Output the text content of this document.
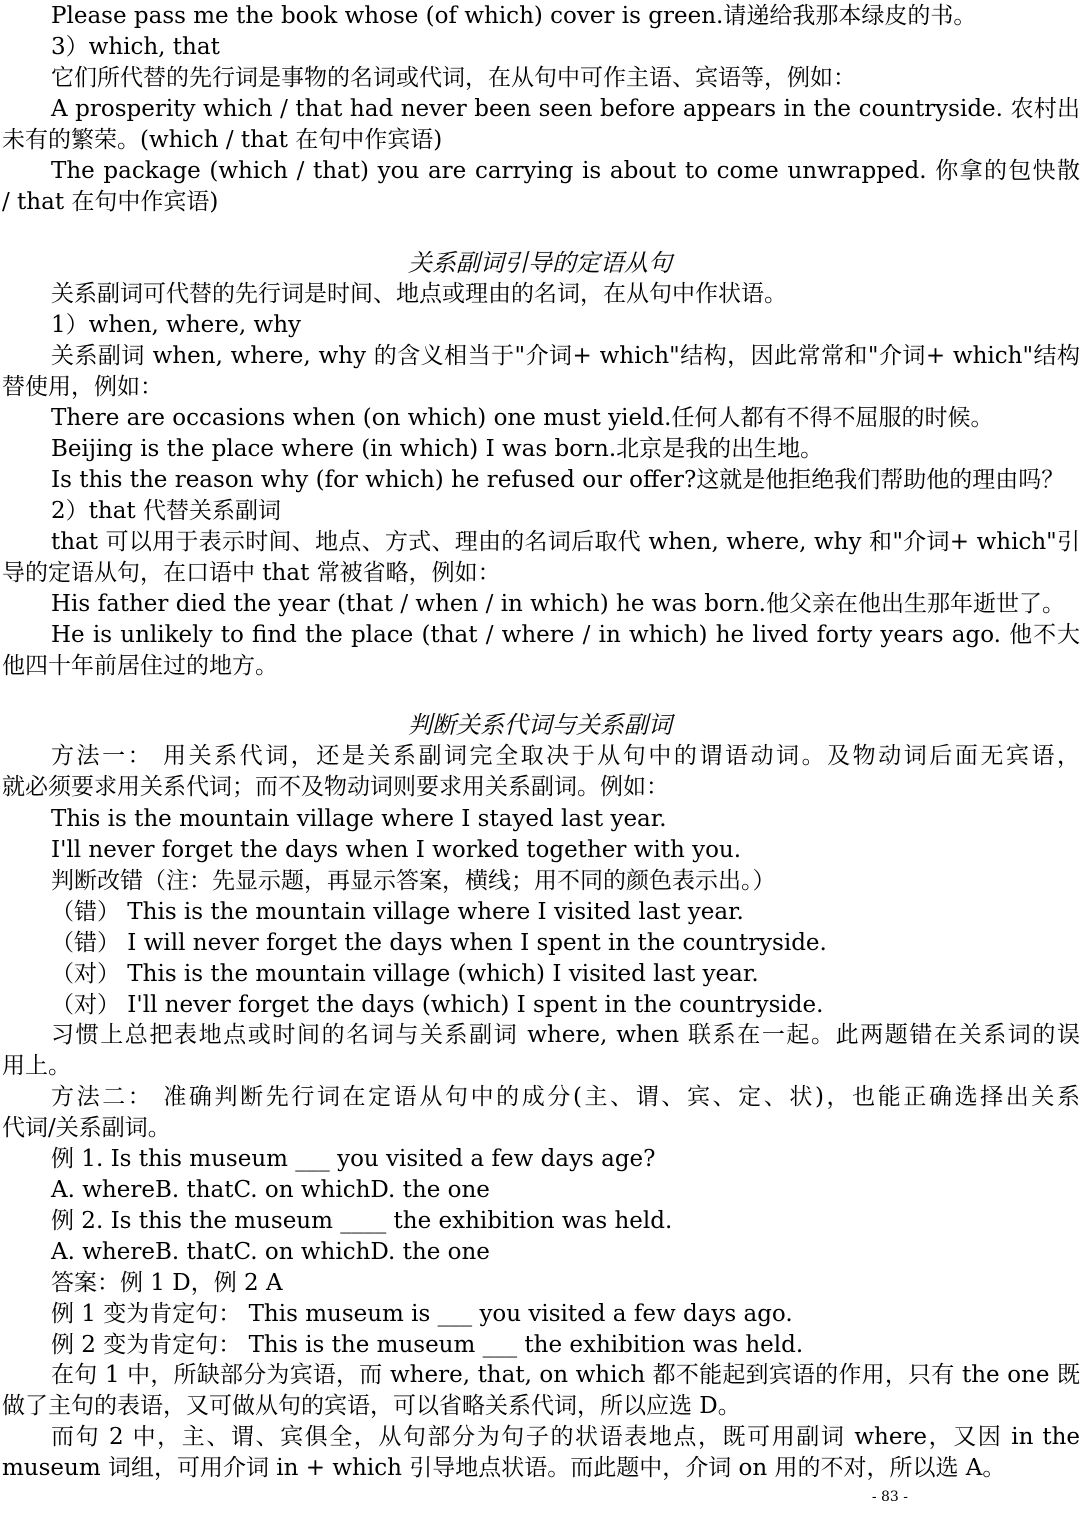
Please pass me the book whose (of which) cover is green.请递给我那本绿皮的书。
3）which, that
它们所代替的先行词是事物的名词或代词，在从句中可作主语、宾语等，例如：
A prosperity which / that had never been seen before appears in the countryside. 农村出
未有的繁荣。(which / that 在句中作宾语)
The package (which / that) you are carrying is about to come unwrapped. 你拿的包快散
/ that 在句中作宾语)
关系副词引导的定语从句
关系副词可代替的先行词是时间、地点或理由的名词，在从句中作状语。
1）when, where, why
关系副词 when, where, why 的含义相当于"介词+ which"结构，因此常常和"介词+ which"结构
替使用，例如：
There are occasions when (on which) one must yield.任何人都有不得不屈服的时候。
Beijing is the place where (in which) I was born.北京是我的出生地。
Is this the reason why (for which) he refused our offer?这就是他拒绝我们帮助他的理由吗？
2）that 代替关系副词
that 可以用于表示时间、地点、方式、理由的名词后取代 when, where, why 和"介词+ which"引
导的定语从句，在口语中 that 常被省略，例如：
His father died the year (that / when / in which) he was born.他父亲在他出生那年逝世了。
He is unlikely to find the place (that / where / in which) he lived forty years ago. 他不大
他四十年前居住过的地方。
判断关系代词与关系副词
方法一： 用关系代词，还是关系副词完全取决于从句中的谓语动词。及物动词后面无宾语，
就必须要求用关系代词；而不及物动词则要求用关系副词。例如：
This is the mountain village where I stayed last year.
I'll never forget the days when I worked together with you.
判断改错（注：先显示题，再显示答案，横线；用不同的颜色表示出。）
（错） This is the mountain village where I visited last year.
（错） I will never forget the days when I spent in the countryside.
（对） This is the mountain village (which) I visited last year.
（对） I'll never forget the days (which) I spent in the countryside.
习惯上总把表地点或时间的名词与关系副词 where, when 联系在一起。此两题错在关系词的误
用上。
方法二： 准确判断先行词在定语从句中的成分(主、谓、宾、定、状)，也能正确选择出关系
代词/关系副词。
例 1. Is this museum ___ you visited a few days age?
A. whereB. thatC. on whichD. the one
例 2. Is this the museum ____ the exhibition was held.
A. whereB. thatC. on whichD. the one
答案：例 1 D，例 2 A
例 1 变为肯定句： This museum is ___ you visited a few days ago.
例 2 变为肯定句： This is the museum ___ the exhibition was held.
在句 1 中，所缺部分为宾语，而 where, that, on which 都不能起到宾语的作用，只有 the one 既
做了主句的表语，又可做从句的宾语，可以省略关系代词，所以应选 D。
而句 2 中，主、谓、宾俱全，从句部分为句子的状语表地点，既可用副词 where，又因 in the
museum 词组，可用介词 in + which 引导地点状语。而此题中，介词 on 用的不对，所以选 A。
- 83 -
